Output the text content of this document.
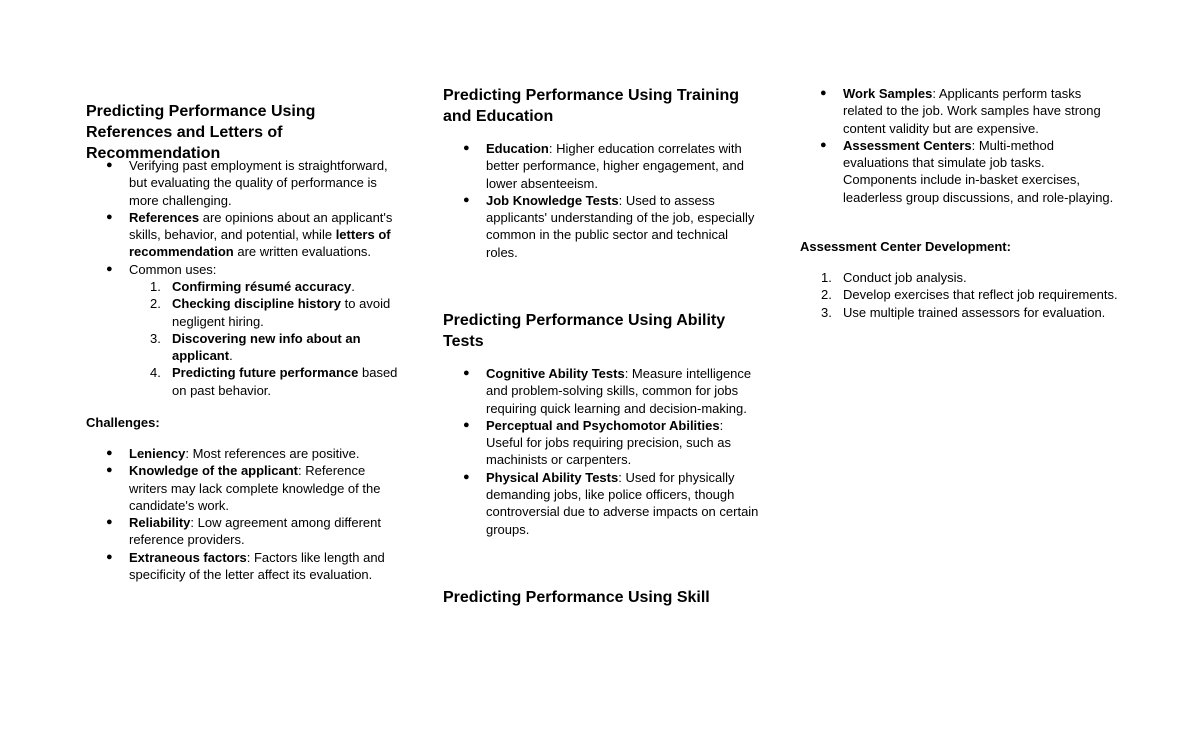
Predicting Performance Using References and Letters of Recommendation
● Verifying past employment is straightforward, but evaluating the quality of performance is more challenging.
● References are opinions about an applicant's skills, behavior, and potential, while letters of recommendation are written evaluations.
● Common uses:
1. Confirming résumé accuracy.
2. Checking discipline history to avoid negligent hiring.
3. Discovering new info about an applicant.
4. Predicting future performance based on past behavior.
Challenges:
● Leniency: Most references are positive.
● Knowledge of the applicant: Reference writers may lack complete knowledge of the candidate's work.
● Reliability: Low agreement among different reference providers.
● Extraneous factors: Factors like length and specificity of the letter affect its evaluation.
Predicting Performance Using Training and Education
● Education: Higher education correlates with better performance, higher engagement, and lower absenteeism.
● Job Knowledge Tests: Used to assess applicants' understanding of the job, especially common in the public sector and technical roles.
Predicting Performance Using Ability Tests
● Cognitive Ability Tests: Measure intelligence and problem-solving skills, common for jobs requiring quick learning and decision-making.
● Perceptual and Psychomotor Abilities: Useful for jobs requiring precision, such as machinists or carpenters.
● Physical Ability Tests: Used for physically demanding jobs, like police officers, though controversial due to adverse impacts on certain groups.
Predicting Performance Using Skill
● Work Samples: Applicants perform tasks related to the job. Work samples have strong content validity but are expensive.
● Assessment Centers: Multi-method evaluations that simulate job tasks. Components include in-basket exercises, leaderless group discussions, and role-playing.
Assessment Center Development:
1. Conduct job analysis.
2. Develop exercises that reflect job requirements.
3. Use multiple trained assessors for evaluation.
